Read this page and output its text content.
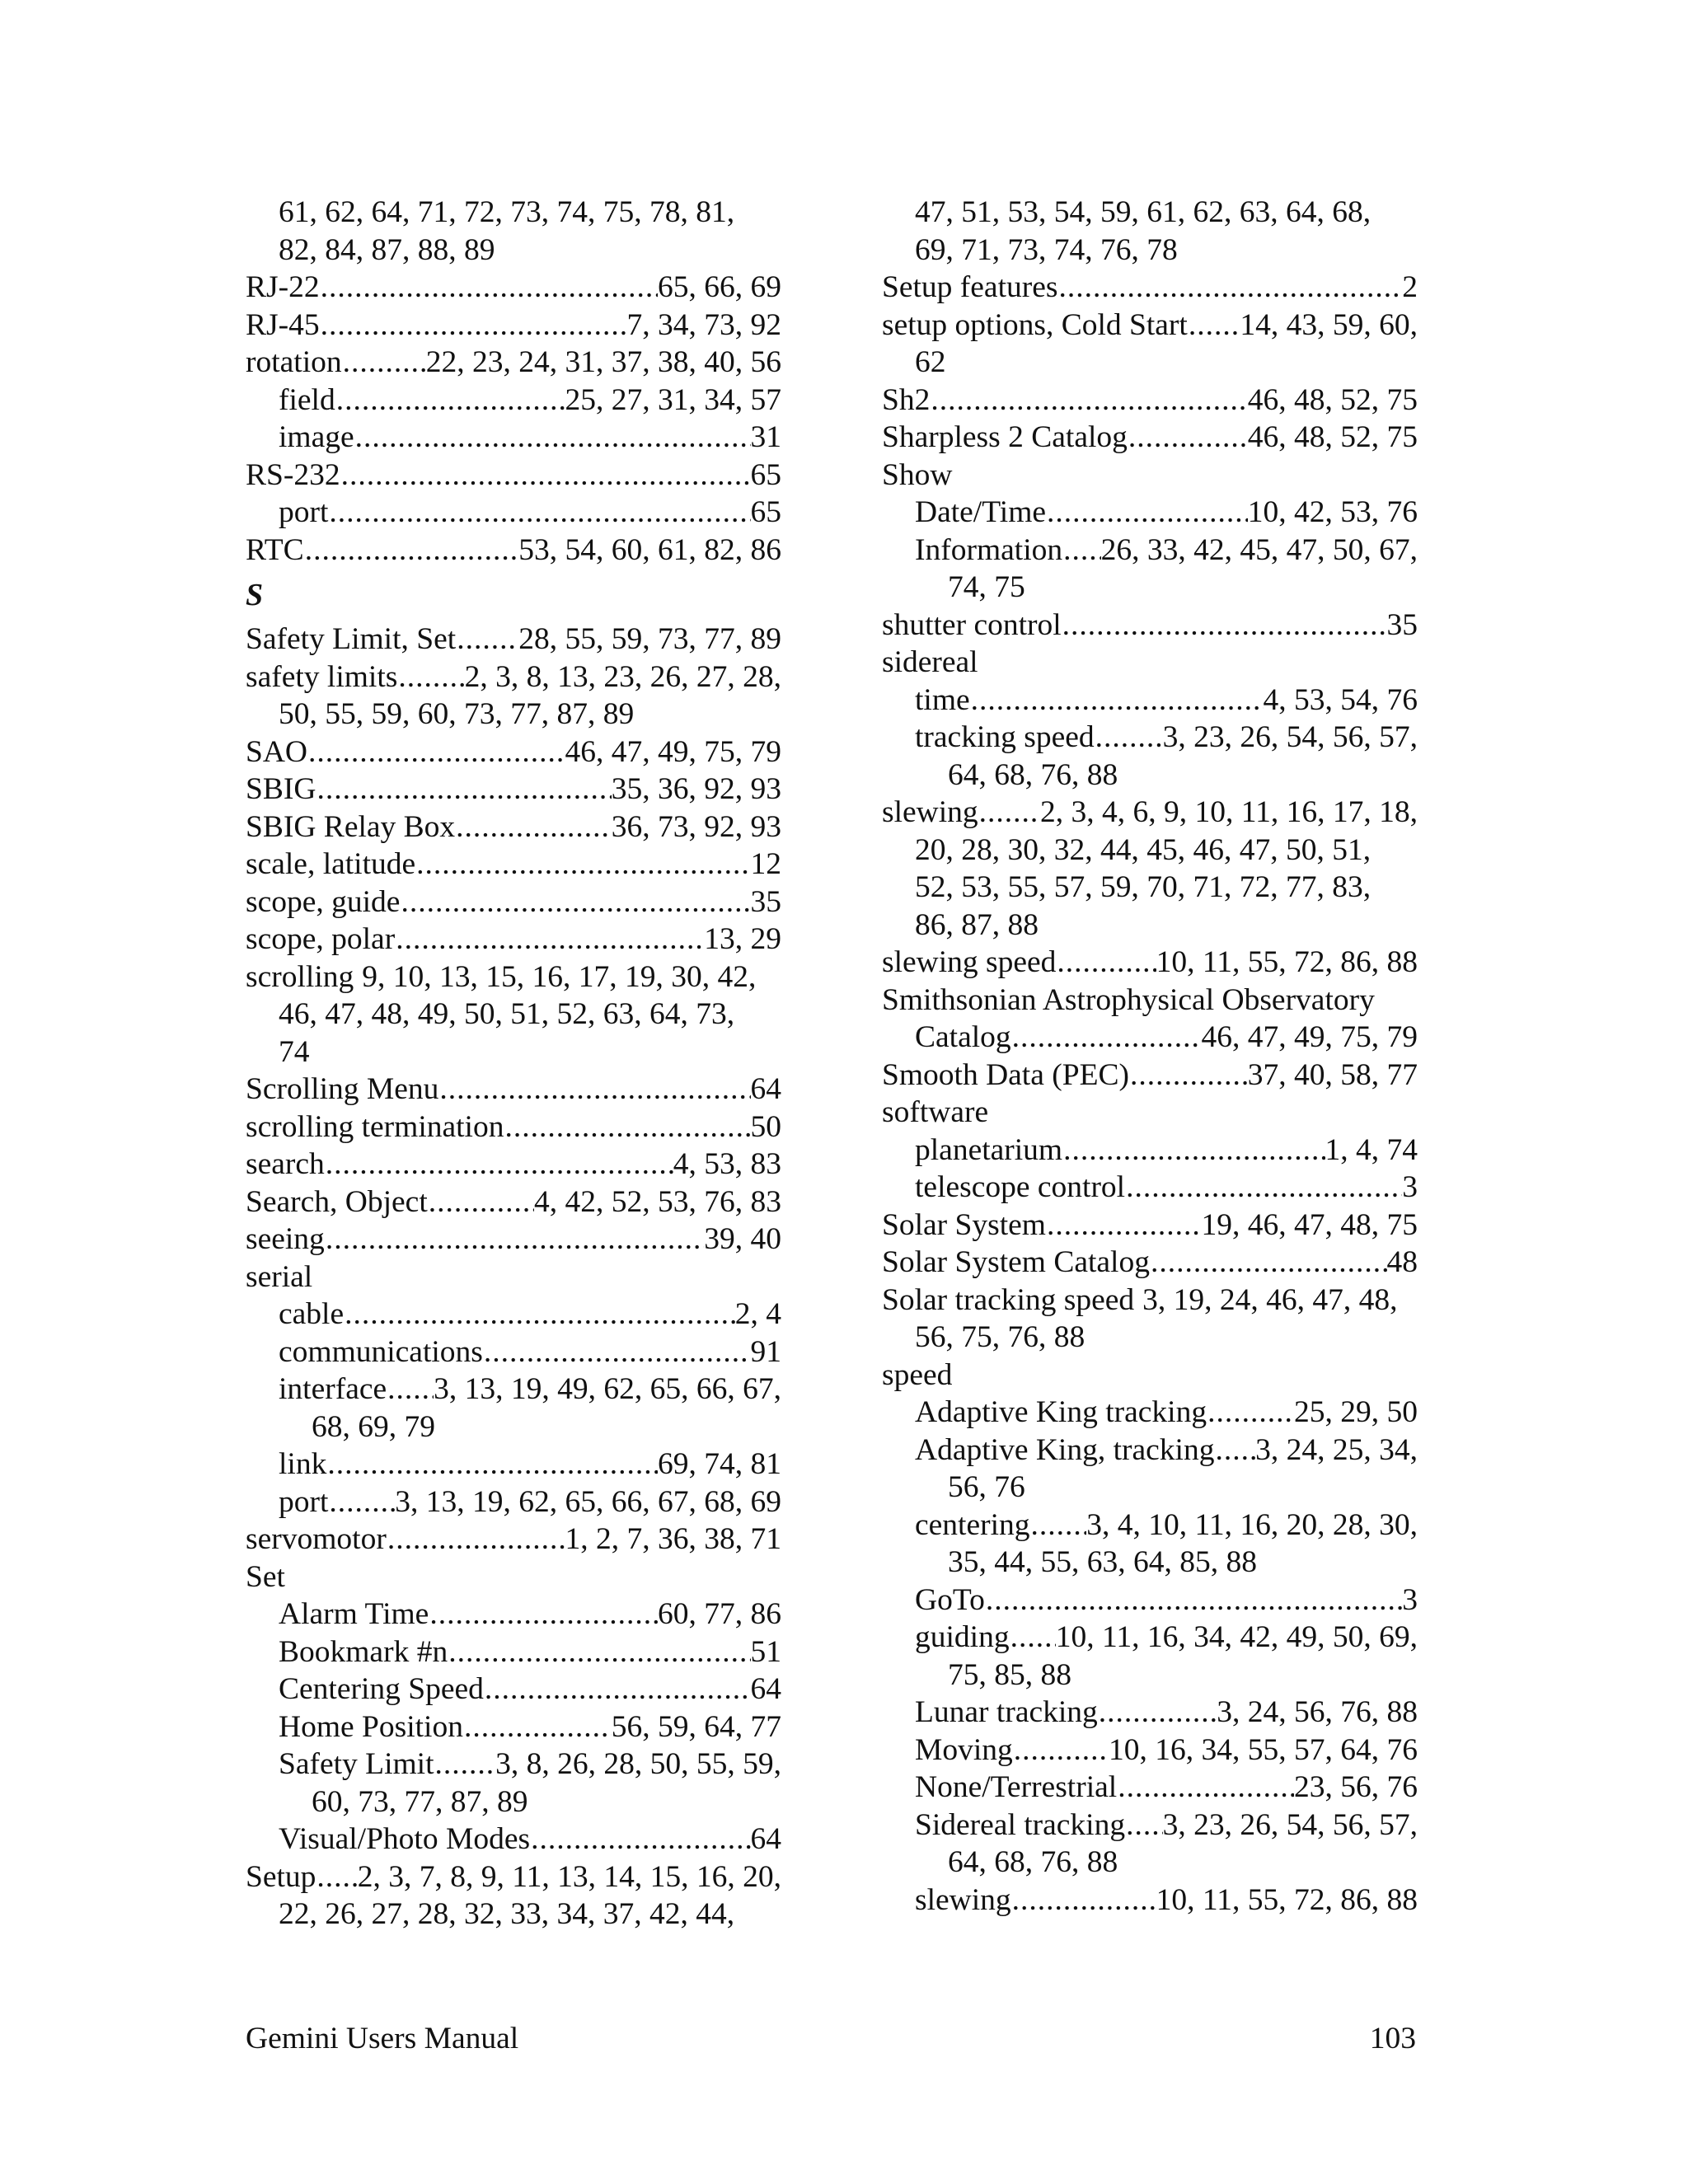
61, 62, 64, 71, 72, 73, 74, 75, 78, 81,
82, 84, 87, 88, 89
RJ-22 .....	65, 66, 69
RJ-45 .....	7, 34, 73, 92
rotation .....	22, 23, 24, 31, 37, 38, 40, 56
field .....	25, 27, 31, 34, 57
image .....	31
RS-232 .....	65
port .....	65
RTC .....	53, 54, 60, 61, 82, 86
S
Safety Limit, Set ..... 28, 55, 59, 73, 77, 89
safety limits ..... 2, 3, 8, 13, 23, 26, 27, 28,
50, 55, 59, 60, 73, 77, 87, 89
SAO .....	46, 47, 49, 75, 79
SBIG .....	35, 36, 92, 93
SBIG Relay Box .....	36, 73, 92, 93
scale, latitude .....	12
scope, guide .....	35
scope, polar .....	13, 29
scrolling 9, 10, 13, 15, 16, 17, 19, 30, 42,
46, 47, 48, 49, 50, 51, 52, 63, 64, 73,
74
Scrolling Menu .....	64
scrolling termination .....	50
search .....	4, 53, 83
Search, Object .....	4, 42, 52, 53, 76, 83
seeing .....	39, 40
serial
cable .....	2, 4
communications .....	91
interface ..... 3, 13, 19, 49, 62, 65, 66, 67,
68, 69, 79
link .....	69, 74, 81
port ..... 3, 13, 19, 62, 65, 66, 67, 68, 69
servomotor .....	1, 2, 7, 36, 38, 71
Set
Alarm Time .....	60, 77, 86
Bookmark #n .....	51
Centering Speed .....	64
Home Position .....	56, 59, 64, 77
Safety Limit ..... 3, 8, 26, 28, 50, 55, 59,
60, 73, 77, 87, 89
Visual/Photo Modes .....	64
Setup ..... 2, 3, 7, 8, 9, 11, 13, 14, 15, 16, 20,
22, 26, 27, 28, 32, 33, 34, 37, 42, 44,
47, 51, 53, 54, 59, 61, 62, 63, 64, 68,
69, 71, 73, 74, 76, 78
Setup features .....	2
setup options, Cold Start ..... 14, 43, 59, 60,
62
Sh2 .....	46, 48, 52, 75
Sharpless 2 Catalog .....	46, 48, 52, 75
Show
Date/Time .....	10, 42, 53, 76
Information ..... 26, 33, 42, 45, 47, 50, 67,
74, 75
shutter control .....	35
sidereal
time .....	4, 53, 54, 76
tracking speed ..... 3, 23, 26, 54, 56, 57,
64, 68, 76, 88
slewing ..... 2, 3, 4, 6, 9, 10, 11, 16, 17, 18,
20, 28, 30, 32, 44, 45, 46, 47, 50, 51,
52, 53, 55, 57, 59, 70, 71, 72, 77, 83,
86, 87, 88
slewing speed .....	10, 11, 55, 72, 86, 88
Smithsonian Astrophysical Observatory
Catalog .....	46, 47, 49, 75, 79
Smooth Data (PEC) .....	37, 40, 58, 77
software
planetarium .....	1, 4, 74
telescope control .....	3
Solar System .....	19, 46, 47, 48, 75
Solar System Catalog .....	48
Solar tracking speed 3, 19, 24, 46, 47, 48,
56, 75, 76, 88
speed
Adaptive King tracking .....	25, 29, 50
Adaptive King, tracking ..... 3, 24, 25, 34,
56, 76
centering ..... 3, 4, 10, 11, 16, 20, 28, 30,
35, 44, 55, 63, 64, 85, 88
GoTo .....	3
guiding ..... 10, 11, 16, 34, 42, 49, 50, 69,
75, 85, 88
Lunar tracking .....	3, 24, 56, 76, 88
Moving .....	10, 16, 34, 55, 57, 64, 76
None/Terrestrial .....	23, 56, 76
Sidereal tracking ..... 3, 23, 26, 54, 56, 57,
64, 68, 76, 88
slewing .....	10, 11, 55, 72, 86, 88
Gemini Users Manual	103
